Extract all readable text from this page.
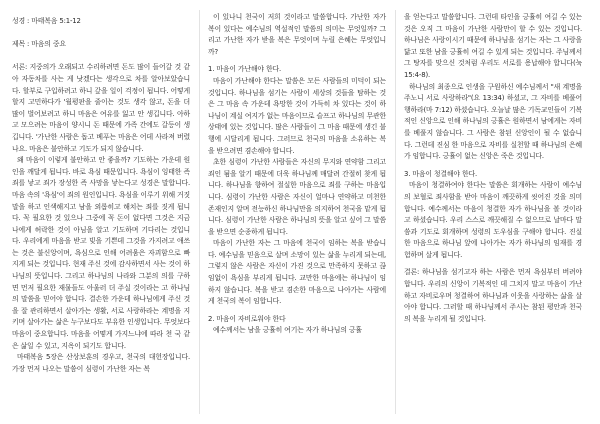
성경 : 마태복음 5:1-12

제목 : 마음의 중요

서론: 지중의가 오래되고 수리하려면 돈도 많이 들어갈 것 같아 자동차를 사는 게 낫겠다는 생각으로 차를 알아보았습니다. 할부로 구입하려고 하니 갚을 일이 걱정이 됩니다. 어떻게 할지 고민하다가 '월평판을 줄이는 것도 생각 않고, 돈을 더 많이 벌어보려고 하니 마음은 여유를 잃고 안 생깁니다. 아하고 모으려는 마음이 양시니 돈 때문에 가족 간에도 갈등이 생깁니다. '가난한 사람은 돕고 베푸는 마음은 어데 사라져 버렸나요. 마음은 불안하고 기도가 되지 않습니다.

왜 마음이 이렇게 불안하고 안 좋을까? 기도하는 가운데 원인을 깨달게 됩니다. 바로 욕심 때문입니다. 욕심이 잉태한 즉 죄를 낳고 죄가 장성한 즉 사망을 낳는다고 성경은 말합니다. 마음 속의 '욕심'이 죄의 원인입니다. 욕심을 이루기 위해 거짓말을 하고 인색해지고 남을 외롭히고 해치는 죄를 짓게 됩니다. 꼭 필요한 것 있으나 그중에 꼭 돈이 없다면 그것은 지금 나에게 허락한 것이 아님을 알고 기도하며 기다리는 것입니다. 우리에게 마음을 받고 빚을 기쁜데 그것을 가지려고 애쓰는 것은 불신앙이며, 욕심으로 인해 어려움은 자괴함으로 빠지게 되는 것입니다. 현재 주신 것에 감사하면서 사는 것이 하나님의 뜻입니다. 그리고 하나님의 나라와 그분의 의를 구하면 먼저 필요한 재물들도 아울러 더 주실 것이라는 고 하나님의 말씀을 믿어야 합니다. 결손한 가운데 하나님에게 주신 것을 잘 관리하면서 살아가는 생활, 서로 사랑하라는 계명을 지키며 살아가는 삶은 누구보다도 부유한 인생입니다. 무엇보다 마음이 중요합니다. 마음을 어떻게 가지느냐에 따라 천 국 같은 삶일 수 있고, 지옥이 되기도 합니다.

마태복음 5장은 산상보훈의 경우고, 천국의 대헌장입니다. 가장 먼저 나오는 말씀이 심령이 가난한 자는 복

이 있나니 천국이 저희 것이라고 말씀합니다. 가난한 자가 복이 있다는 예수님의 역설적인 말씀의 의미는 무엇일까? 그리고 가난한 자가 받을 복은 무엇이며 누릴 은혜는 무엇입니까?

1. 마음이 가난해야 한다.

마음이 가난해야 한다는 말씀은 모든 사람들의 미덕이 되는 것입니다. 하나님을 섬기는 사람이 세상의 것들을 탐하는 것은 그 마음 속 가운데 욕망한 것이 가득히 차 있다는 것이 하나님이 계실 여지가 없는 마음이므로 슬프고 하나님의 무관한 상태에 있는 것입니다. 많은 사람들이 그 마음 때문에 생긴 불행에 시달리게 됩니다. 그러므로 천국의 마음을 소유하는 복을 받으려면 겸손해야 합니다.

초한 심령이 가난한 사람들은 자신의 무지와 연약함 그리고 죄인 됨을 알기 때문에 더욱 하나님께 매달려 간절히 찾게 됩니다. 하나님을 향하여 절실한 마음으로 죄를 구하는 마음입니다. 심령이 가난한 사람은 자신이 얼마나 연약하고 미천한 존재인지 알며 전능하신 하나님만을 의지하여 천국을 맡게 됩니다. 심령이 가난한 사람은 하나님의 뜻을 알고 싶어 그 말씀을 받으면 순종하게 됩니다.

마음이 가난한 자는 그 마음에 천국이 임하는 복을 받습니다. 예수님을 믿음으로 살며 소망이 있는 삶을 누리게 되는데, 그렇지 않은 사람은 자신이 가진 것으로 만족하지 못하고 끊임없이 욕심을 부리게 됩니다. 교만한 마음에는 하나님이 임하지 않습니다. 복을 받고 겸손한 마음으로 나아가는 사람에게 천국의 복이 임합니다.

2. 마음이 자비로워야 한다

예수께서는 남을 긍휼히 여기는 자가 하나님의 긍휼

을 얻는다고 말씀합니다. 그런데 타인을 긍휼히 여길 수 있는 것은 오직 그 마음이 가난한 사람만이 할 수 있는 것입니다. 하나님은 사랑이시기 때문에 하나님을 섬기는 자는 그 사랑을 닮고 또한 남을 긍휼히 여길 수 있게 되는 것입니다. 주님께서 그 탕자를 맞으신 것처럼 우리도 서로를 용납해야 합니다(눅15:4-8).

하나님의 최종으로 인생을 구원하신 예수님께서 "새 계명을 주노니 서로 사랑하라"(요 13:34) 하셨고, 그 자비를 베풀어 행하라(마 7:12) 하셨습니다. 오늘날 많은 기독교인들이 기복적인 신앙으로 인해 하나님의 긍휼은 원하면서 남에게는 자비를 베풀지 않습니다. 그 사람은 참된 신앙인이 될 수 없습니다. 그런데 진심 한 마음으로 자비를 실천할 때 하나님의 은혜가 임합니다. 긍휼이 없는 신앙은 죽은 것입니다.

3. 마음이 청결해야 한다.

마음이 청결하여야 한다는 말씀은 회개하는 사람이 예수님의 보혈로 죄사함을 받아 마음이 깨끗하게 씻어진 것을 의미합니다. 예수께서는 마음이 청결한 자가 하나님을 볼 것이라고 하셨습니다. 우리 스스로 깨끗해질 수 없으므로 날마다 말씀과 기도로 회개하며 성령의 도우심을 구해야 합니다. 진실한 마음으로 하나님 앞에 나아가는 자가 하나님의 임재를 경험하며 살게 됩니다.

결론: 하나님을 섬기고자 하는 사람은 먼저 욕심부터 버려야 합니다. 우리의 신앙이 기복적인 데 그치지 말고 마음이 가난하고 자비로우며 청결하여 하나님과 이웃을 사랑하는 삶을 살아야 합니다. 그러할 때 하나님께서 주시는 참된 평안과 천국의 복을 누리게 될 것입니다.
